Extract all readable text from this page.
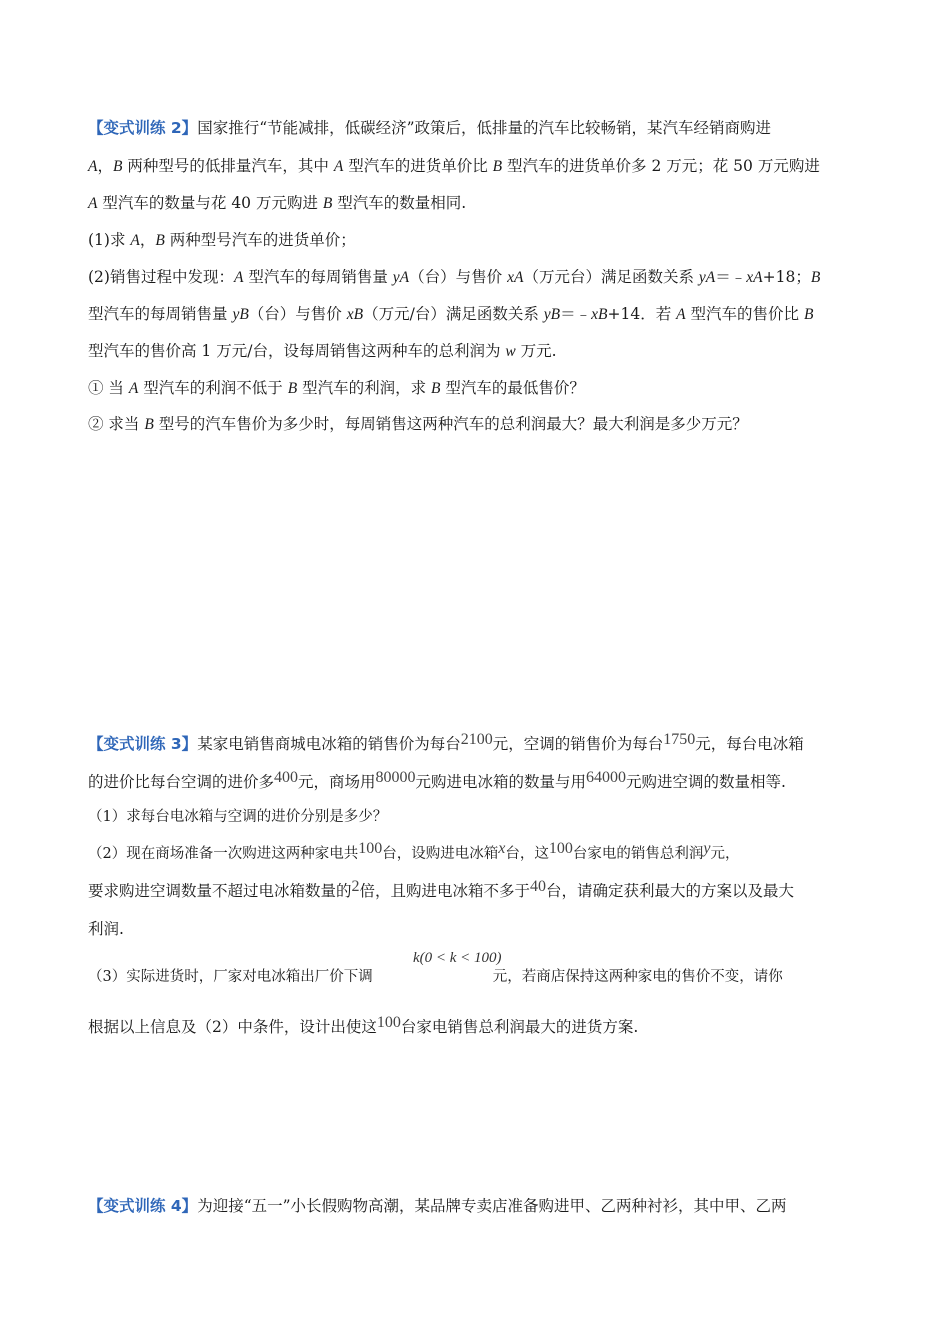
【变式训练 2】国家推行“节能减排，低碳经济”政策后，低排量的汽车比较畅销，某汽车经销商购进
A，B 两种型号的低排量汽车，其中 A 型汽车的进货单价比 B 型汽车的进货单价多 2 万元；花 50 万元购进
A 型汽车的数量与花 40 万元购进 B 型汽车的数量相同.
(1)求 A，B 两种型号汽车的进货单价；
(2)销售过程中发现：A 型汽车的每周销售量 yA（台）与售价 xA（万元台）满足函数关系 yA＝﹣xA+18；B
型汽车的每周销售量 yB（台）与售价 xB（万元/台）满足函数关系 yB＝﹣xB+14．若 A 型汽车的售价比 B
型汽车的售价高 1 万元/台，设每周销售这两种车的总利润为 w 万元.
① 当 A 型汽车的利润不低于 B 型汽车的利润，求 B 型汽车的最低售价？
② 求当 B 型号的汽车售价为多少时，每周销售这两种汽车的总利润最大？最大利润是多少万元？
【变式训练 3】某家电销售商城电冰箱的销售价为每台2100元，空调的销售价为每台1750元，每台电冰箱
的进价比每台空调的进价多400元，商场用80000元购进电冰箱的数量与用64000元购进空调的数量相等.
（1）求每台电冰箱与空调的进价分别是多少？
（2）现在商场准备一次购进这两种家电共100台，设购进电冰箱x台，这100台家电的销售总利润y元，
要求购进空调数量不超过电冰箱数量的2倍，且购进电冰箱不多于40台，请确定获利最大的方案以及最大
利润.
k(0 < k < 100)
（3）实际进货时，厂家对电冰箱出厂价下调	元，若商店保持这两种家电的售价不变，请你
根据以上信息及（2）中条件，设计出使这100台家电销售总利润最大的进货方案.
【变式训练 4】为迎接“五一”小长假购物高潮，某品牌专卖店准备购进甲、乙两种衬衫，其中甲、乙两
